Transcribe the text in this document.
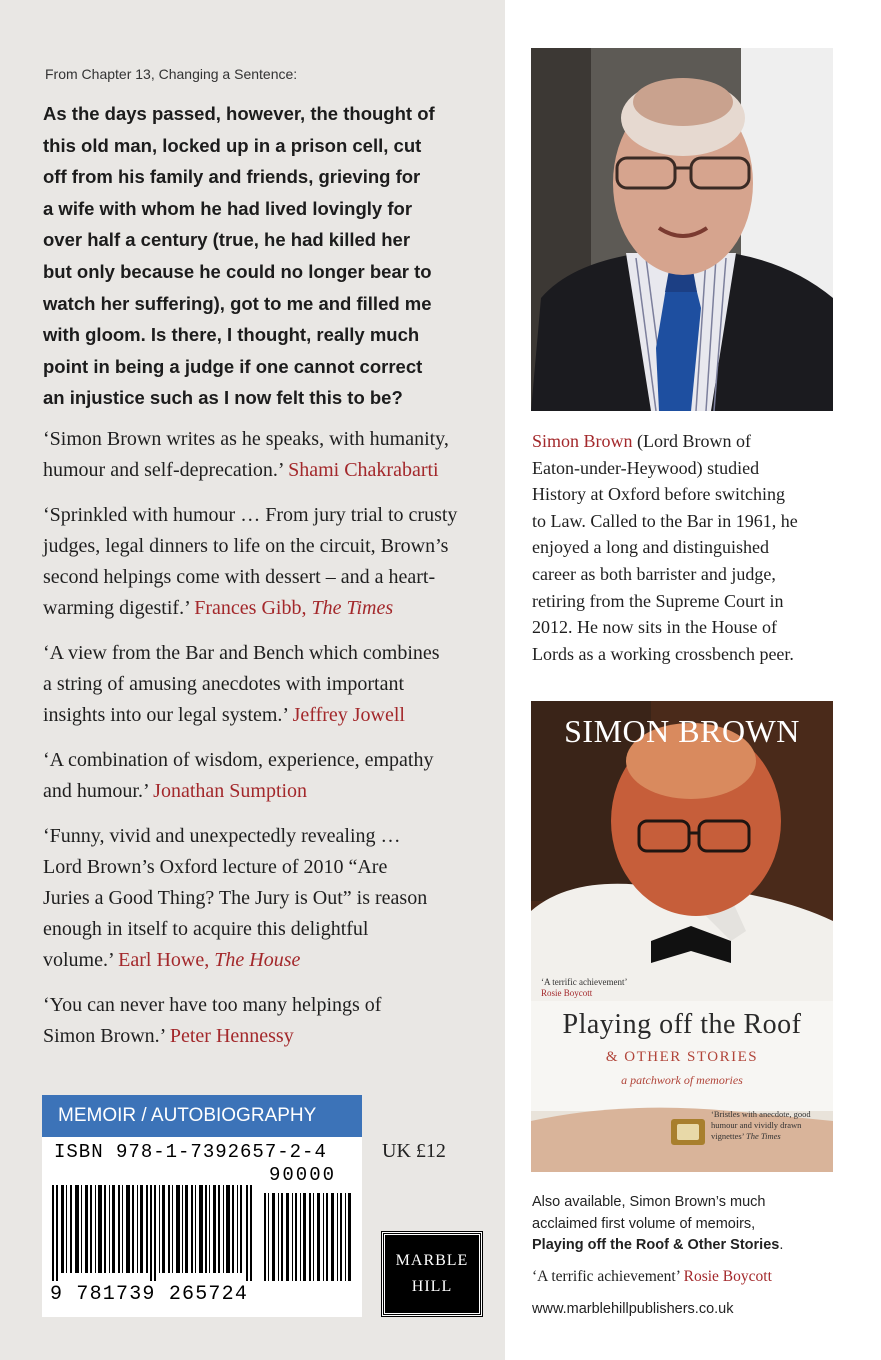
From Chapter 13, Changing a Sentence:
As the days passed, however, the thought of
this old man, locked up in a prison cell, cut
off from his family and friends, grieving for
a wife with whom he had lived lovingly for
over half a century (true, he had killed her
but only because he could no longer bear to
watch her suffering), got to me and filled me
with gloom. Is there, I thought, really much
point in being a judge if one cannot correct
an injustice such as I now felt this to be?
‘Simon Brown writes as he speaks, with humanity,
humour and self-deprecation.’ Shami Chakrabarti
‘Sprinkled with humour … From jury trial to crusty
judges, legal dinners to life on the circuit, Brown’s
second helpings come with dessert – and a heart-
warming digestif.’ Frances Gibb, The Times
‘A view from the Bar and Bench which combines
a string of amusing anecdotes with important
insights into our legal system.’ Jeffrey Jowell
‘A combination of wisdom, experience, empathy
and humour.’ Jonathan Sumption
‘Funny, vivid and unexpectedly revealing …
Lord Brown’s Oxford lecture of 2010 “Are
Juries a Good Thing? The Jury is Out” is reason
enough in itself to acquire this delightful
volume.’ Earl Howe, The House
‘You can never have too many helpings of
Simon Brown.’ Peter Hennessy
MEMOIR / AUTOBIOGRAPHY
ISBN 978-1-7392657-2-4
90000
9 781739 265724
UK £12
MARBLE
HILL
Simon Brown (Lord Brown of
Eaton-under-Heywood) studied
History at Oxford before switching
to Law. Called to the Bar in 1961, he
enjoyed a long and distinguished
career as both barrister and judge,
retiring from the Supreme Court in
2012. He now sits in the House of
Lords as a working crossbench peer.
SIMON BROWN
‘A terrific achievement’
Rosie Boycott
Playing off the Roof
& OTHER STORIES
a patchwork of memories
‘Bristles with anecdote, good humour and vividly drawn vignettes’ The Times
Also available, Simon Brown’s much
acclaimed first volume of memoirs,
Playing off the Roof & Other Stories.
‘A terrific achievement’ Rosie Boycott
www.marblehillpublishers.co.uk
